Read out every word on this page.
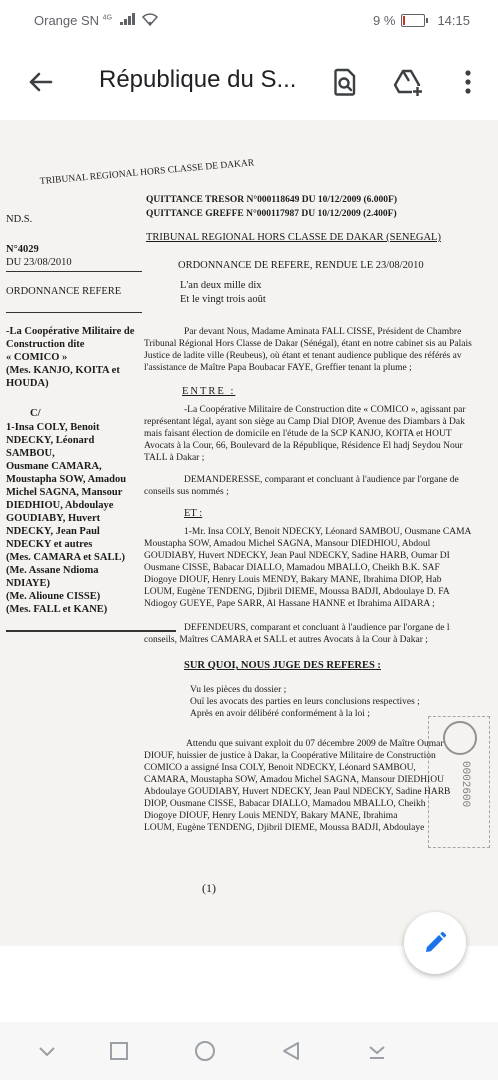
Orange SN $^{4G}$
	9 %	14:15
République du S...
TRIBUNAL REGIONAL HORS CLASSE DE DAKAR
QUITTANCE TRESOR N°000118649 DU 10/12/2009 (6.000F)
QUITTANCE GREFFE N°000117987 DU 10/12/2009 (2.400F)
ND.S.
TRIBUNAL REGIONAL HORS CLASSE DE DAKAR (SENEGAL)
N°4029
DU 23/08/2010	ORDONNANCE DE REFERE, RENDUE LE 23/08/2010
ORDONNANCE REFERE
L'an deux mille dix
Et le vingt trois août
-La Coopérative Militaire de
Construction dite
« COMICO »
(Mes. KANJO, KOITA et
HOUDA)
C/
1-Insa COLY, Benoit
NDECKY, Léonard
SAMBOU,
Ousmane CAMARA,
Moustapha SOW, Amadou
Michel SAGNA, Mansour
DIEDHIOU, Abdoulaye
GOUDIABY, Huvert
NDECKY, Jean Paul
NDECKY et autres
(Mes. CAMARA et SALL)
(Me. Assane Ndioma
NDIAYE)
(Me. Alioune CISSE)
(Mes. FALL et KANE)
Par devant Nous, Madame Aminata FALL CISSE, Président de Chambre
Tribunal Régional Hors Classe de Dakar (Sénégal), étant en notre cabinet sis au Palais
Justice de ladite ville (Reubeus), où étant et tenant audience publique des référés av
l'assistance de Maître Papa Boubacar FAYE, Greffier tenant la plume ;
ENTRE :
-La Coopérative Militaire de Construction dite « COMICO », agissant par
représentant légal, ayant son siège au Camp Dial DIOP, Avenue des Diambars à Dak
mais faisant élection de domicile en l'étude de la SCP KANJO, KOITA et HOUT
Avocats à la Cour, 66, Boulevard de la République, Résidence El hadj Seydou Nour
TALL à Dakar ;
DEMANDERESSE, comparant et concluant à l'audience par l'organe de
conseils sus nommés ;
ET :
1-Mr. Insa COLY, Benoit NDECKY, Léonard SAMBOU, Ousmane CAMA
Moustapha SOW, Amadou Michel SAGNA, Mansour DIEDHIOU, Abdoul
GOUDIABY, Huvert NDECKY, Jean Paul NDECKY, Sadine HARB, Oumar DI
Ousmane CISSE, Babacar DIALLO, Mamadou MBALLO, Cheikh B.K. SAF
Diogoye DIOUF, Henry Louis MENDY, Bakary MANE, Ibrahima DIOP, Hab
LOUM, Eugène TENDENG, Djibril DIEME, Moussa BADJI, Abdoulaye D. FA
Ndiogoy GUEYE, Pape SARR, Al Hassane HANNE et Ibrahima AIDARA ;
DEFENDEURS, comparant et concluant à l'audience par l'organe de l
conseils, Maîtres CAMARA et SALL et autres Avocats à la Cour à Dakar ;
SUR QUOI, NOUS JUGE DES REFERES :
Vu les pièces du dossier ;
Ouï les avocats des parties en leurs conclusions respectives ;
Après en avoir délibéré conformément à la loi ;
Attendu que suivant exploit du 07 décembre 2009 de Maître Oumar
DIOUF, huissier de justice à Dakar, la Coopérative Militaire de Construction
COMICO a assigné Insa COLY, Benoit NDECKY, Léonard SAMBOU,
CAMARA, Moustapha SOW, Amadou Michel SAGNA, Mansour DIEDHIOU
Abdoulaye GOUDIABY, Huvert NDECKY, Jean Paul NDECKY, Sadine HARB
DIOP, Ousmane CISSE, Babacar DIALLO, Mamadou MBALLO, Cheikh
Diogoye DIOUF, Henry Louis MENDY, Bakary MANE, Ibrahima
LOUM, Eugène TENDENG, Djibril DIEME, Moussa BADJI, Abdoulaye
(1)
0002600
